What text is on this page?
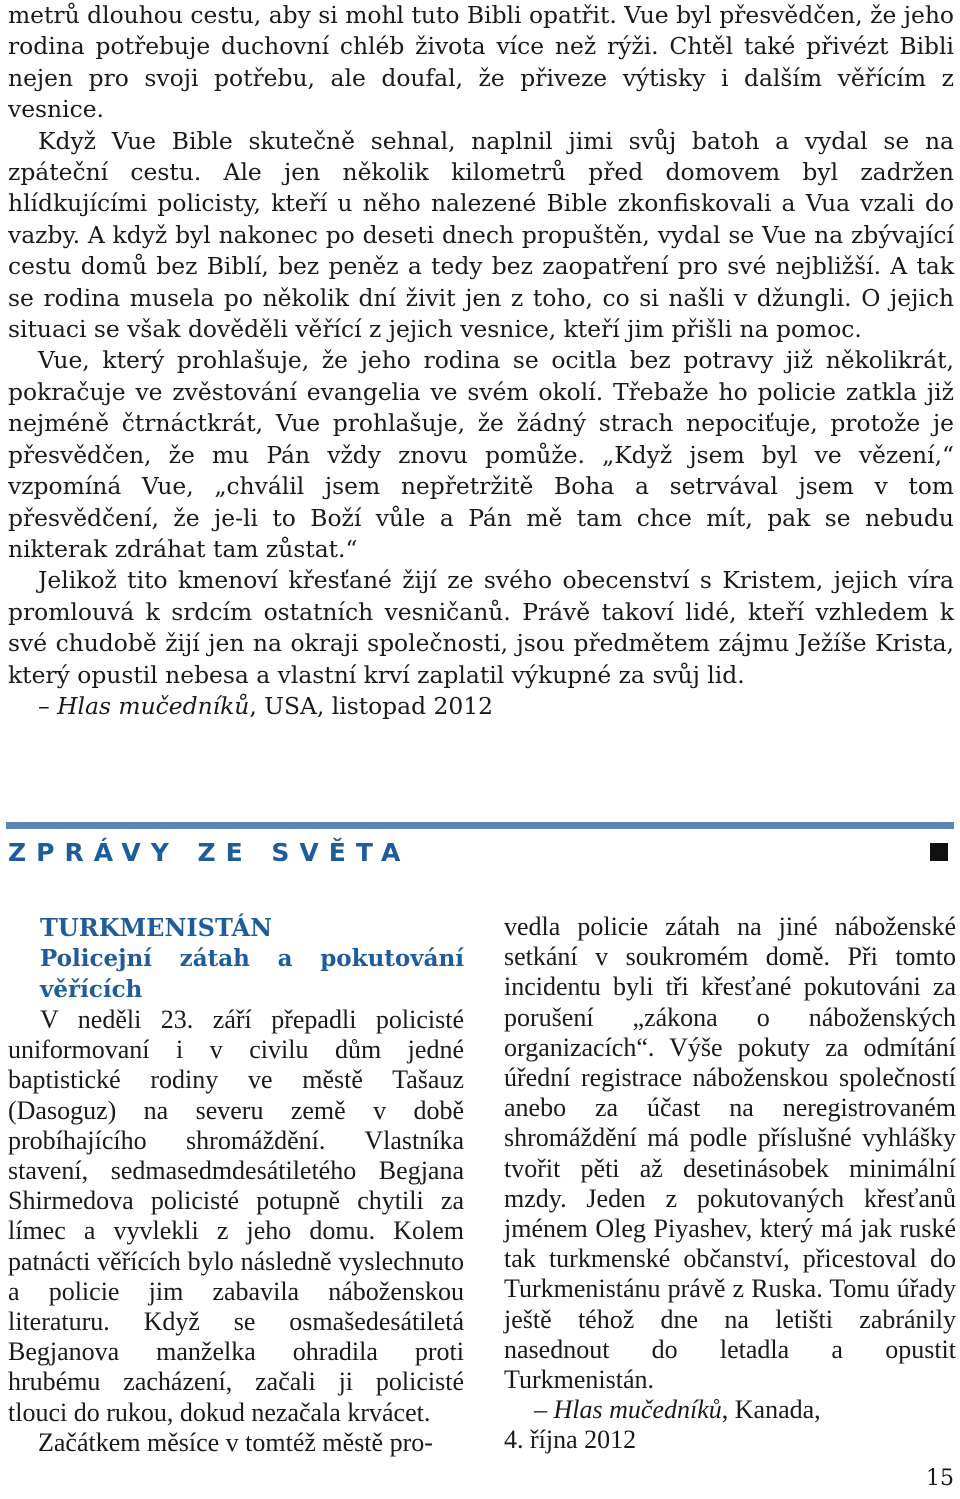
metrů dlouhou cestu, aby si mohl tuto Bibli opatřit. Vue byl přesvědčen, že jeho rodina potřebuje duchovní chléb života více než rýži. Chtěl také přivézt Bibli nejen pro svoji potřebu, ale doufal, že přiveze výtisky i dalším věřícím z vesnice.

Když Vue Bible skutečně sehnal, naplnil jimi svůj batoh a vydal se na zpáteční cestu. Ale jen několik kilometrů před domovem byl zadržen hlídkujícími policisty, kteří u něho nalezené Bible zkonfiskovali a Vua vzali do vazby. A když byl nakonec po deseti dnech propuštěn, vydal se Vue na zbývající cestu domů bez Biblí, bez peněz a tedy bez zaopatření pro své nejbližší. A tak se rodina musela po několik dní živit jen z toho, co si našli v džungli. O jejich situaci se však dověděli věřící z jejich vesnice, kteří jim přišli na pomoc.

Vue, který prohlašuje, že jeho rodina se ocitla bez potravy již několikrát, pokračuje ve zvěstování evangelia ve svém okolí. Třebaže ho policie zatkla již nejméně čtrnáctkrát, Vue prohlašuje, že žádný strach nepociťuje, protože je přesvědčen, že mu Pán vždy znovu pomůže. „Když jsem byl ve vězení,“ vzpomíná Vue, „chválil jsem nepřetržitě Boha a setrvával jsem v tom přesvědčení, že je-li to Boží vůle a Pán mě tam chce mít, pak se nebudu nikterak zdráhat tam zůstat.“

Jelikož tito kmenoví křesťané žijí ze svého obecenství s Kristem, jejich víra promlouvá k srdcím ostatních vesničanů. Právě takoví lidé, kteří vzhledem k své chudobě žijí jen na okraji společnosti, jsou předmětem zájmu Ježíše Krista, který opustil nebesa a vlastní krví zaplatil výkupné za svůj lid.

– Hlas mučedníků, USA, listopad 2012

ZPRÁVY ZE SVĚTA

TURKMENISTÁN

Policejní zátah a pokutování věřících

V neděli 23. září přepadli policisté uniformovaní i v civilu dům jedné baptistické rodiny ve městě Tašauz (Dasoguz) na severu země v době probíhajícího shromáždění. Vlastníka stavení, sedmasedmdesátiletého Begjana Shirmedova policisté potupně chytili za límec a vyvlekli z jeho domu. Kolem patnácti věřících bylo následně vyslechnuto a policie jim zabavila náboženskou literaturu. Když se osmašedesátiletá Begjanova manželka ohradila proti hrubému zacházení, začali ji policisté tlouci do rukou, dokud nezačala krvácet.

Začátkem měsíce v tomtéž městě pro-

vedla policie zátah na jiné náboženské setkání v soukromém domě. Při tomto incidentu byli tři křesťané pokutováni za porušení „zákona o náboženských organizacích“. Výše pokuty za odmítání úřední registrace náboženskou společností anebo za účast na neregistrovaném shromáždění má podle příslušné vyhlášky tvořit pěti až desetinásobek minimální mzdy. Jeden z pokutovaných křesťanů jménem Oleg Piyashev, který má jak ruské tak turkmenské občanství, přicestoval do Turkmenistánu právě z Ruska. Tomu úřady ještě téhož dne na letišti zabránily nasednout do letadla a opustit Turkmenistán.

– Hlas mučedníků, Kanada,

4. října 2012

15
